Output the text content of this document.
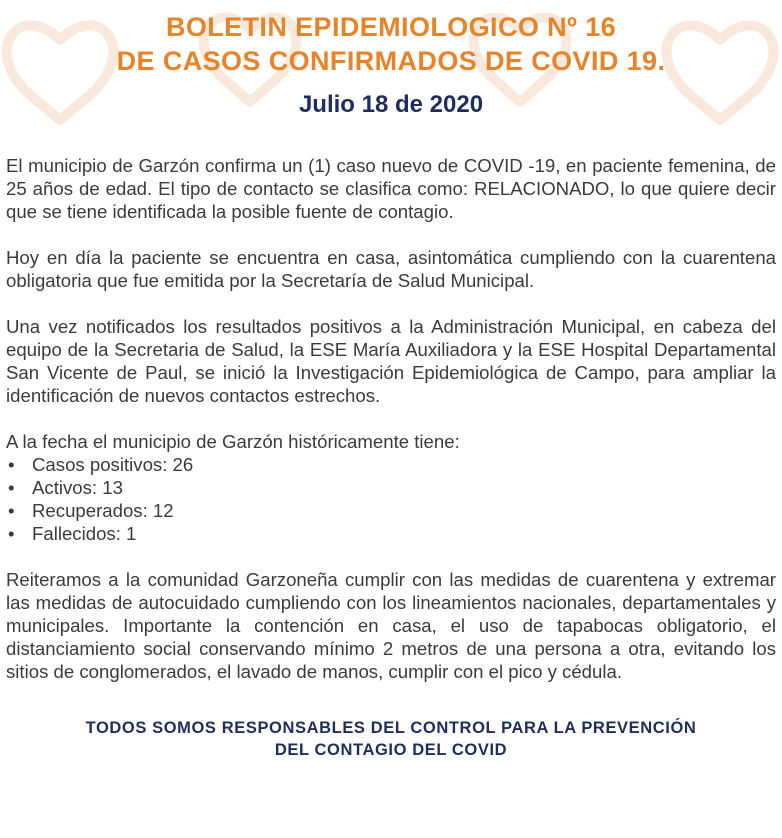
BOLETIN EPIDEMIOLOGICO Nº 16
DE CASOS CONFIRMADOS DE COVID 19.
Julio 18 de 2020

El municipio de Garzón confirma un (1) caso nuevo de COVID -19, en paciente femenina, de 25 años de edad. El tipo de contacto se clasifica como: RELACIONADO, lo que quiere decir que se tiene identificada la posible fuente de contagio.

Hoy en día la paciente se encuentra en casa, asintomática cumpliendo con la cuarentena obligatoria que fue emitida por la Secretaría de Salud Municipal.

Una vez notificados los resultados positivos a la Administración Municipal, en cabeza del equipo de la Secretaria de Salud, la ESE María Auxiliadora y la ESE Hospital Departamental San Vicente de Paul, se inició la Investigación Epidemiológica de Campo, para ampliar la identificación de nuevos contactos estrechos.

A la fecha el municipio de Garzón históricamente tiene:

• Casos positivos: 26
• Activos: 13
• Recuperados: 12
• Fallecidos: 1

Reiteramos a la comunidad Garzoneña cumplir con las medidas de cuarentena y extremar las medidas de autocuidado cumpliendo con los lineamientos nacionales, departamentales y municipales. Importante la contención en casa, el uso de tapabocas obligatorio, el distanciamiento social conservando mínimo 2 metros de una persona a otra, evitando los sitios de conglomerados, el lavado de manos, cumplir con el pico y cédula.

TODOS SOMOS RESPONSABLES DEL CONTROL PARA LA PREVENCIÓN
DEL CONTAGIO DEL COVID
